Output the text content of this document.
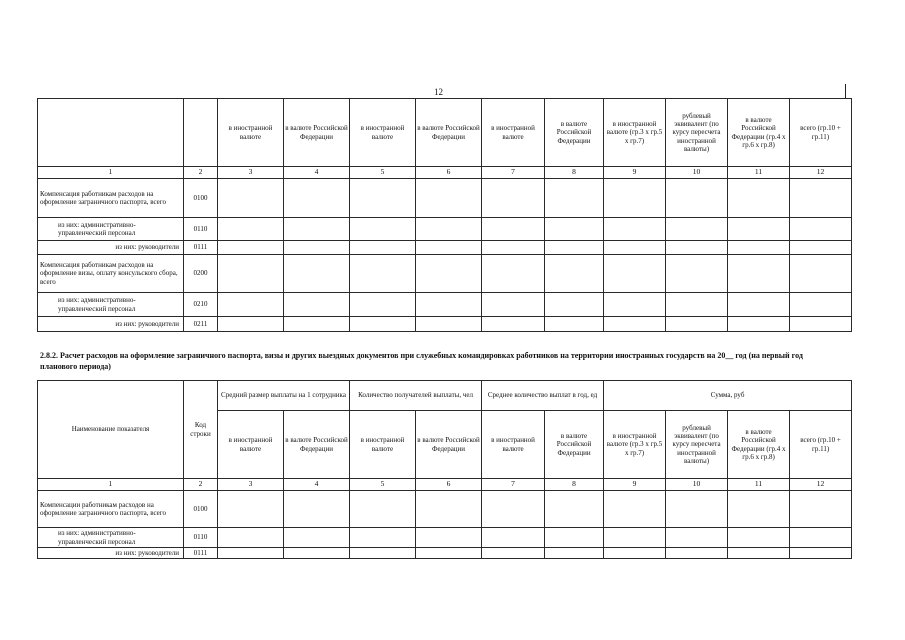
12
		в иностранной валюте	в валюте Российской Федерации	в иностранной валюте	в валюте Российской Федерации	в иностранной валюте	в валюте Российской Федерации	в иностранной валюте (гр.3 х гр.5 х гр.7)	рублевый эквивалент (по курсу пересчета иностранной валюты)	в валюте Российской Федерации (гр.4 х гр.6 х гр.8)	всего (гр.10 + гр.11)
1	2	3	4	5	6	7	8	9	10	11	12
Компенсация работникам расходов на оформление заграничного паспорта, всего	0100										
из них: административно-управленческий персонал	0110										
из них: руководители	0111										
Компенсация работникам расходов на оформление визы, оплату консульского сбора, всего	0200										
из них: административно-управленческий персонал	0210										
из них: руководители	0211										
2.8.2. Расчет расходов на оформление заграничного паспорта, визы и других выездных документов при служебных командировках работников на территории иностранных государств на 20__ год (на первый год планового периода)
Наименование показателя	Код строки	Средний размер выплаты на 1 сотрудника		Количество получателей выплаты, чел		Среднее количество выплат в год, ед		Сумма, руб			
		в иностранной валюте	в валюте Российской Федерации	в иностранной валюте	в валюте Российской Федерации	в иностранной валюте	в валюте Российской Федерации	в иностранной валюте (гр.3 х гр.5 х гр.7)	рублевый эквивалент (по курсу пересчета иностранной валюты)	в валюте Российской Федерации (гр.4 х гр.6 х гр.8)	всего (гр.10 + гр.11)
1	2	3	4	5	6	7	8	9	10	11	12
Компенсации работникам расходов на оформление заграничного паспорта, всего	0100										
из них: административно-управленческий персонал	0110										
из них: руководители	0111										
